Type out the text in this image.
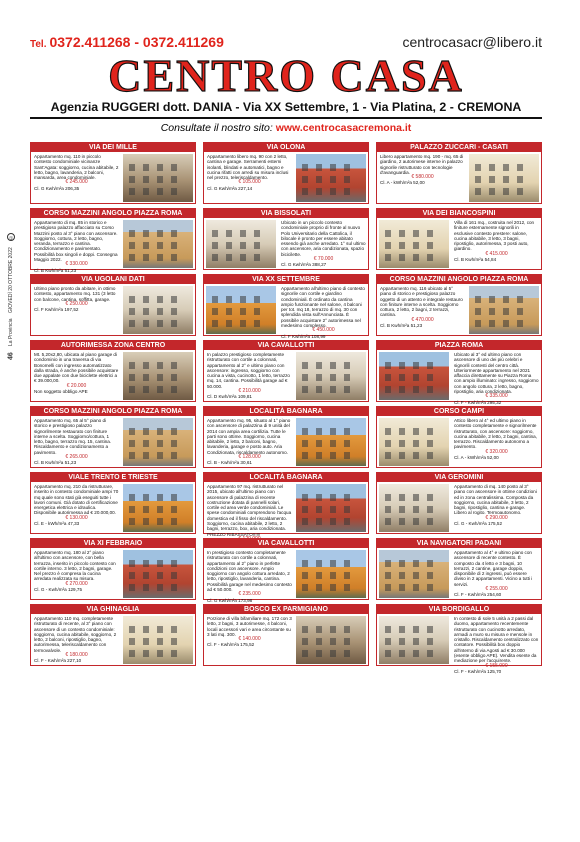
46
La Provincia
GIOVEDÌ 20 OTTOBRE 2022
©
Tel. 0372.411268 - 0372.411269	centrocasacr@libero.it
CENTRO CASA
Agenzia RUGGERI dott. DANIA - Via XX Settembre, 1 - Via Platina, 2 - CREMONA
Consultate il nostro sito: www.centrocasacremona.it
VIA DEI MILLE
Appartamento mq. 110 in piccolo contesto condominiale vicinanze Sant'Agata: soggiorno, cucina abitabile, 2 letto, bagno, lavanderia, 2 balconi, mansarda, area condominiale.
€ 245.000
Cl. G Kwh/m²a 206,35
VIA OLONA
Appartamento libero mq. 90 con 2 letto, cantina e garage. Serramenti esterni isolanti, blindati e automatici, bagno e cucina rifatti con arredi su misura inclusi nel prezzo, teleriscaldamento.
€ 105.000
Cl. G Kwh/m²a 227,14
PALAZZO ZUCCARI - CASATI
Libero appartamento mq. 190 - mq. 65 di giardino, 2 autorimese interne in palazzo signorile ristrutturato con tecnologie d'avanguardia.
€ 580.000
Cl. A - kWh/m²a 52,00
CORSO MAZZINI ANGOLO PIAZZA ROMA
Appartamento di mq. 85 in storico e prestigioso palazzo affacciato su Corso Mazzini posto al 3° piano con ascensore. Soggiorno, cottura, 2 letto, bagno, veranda, terrazzo e cantina. Condizionamento e pavimentato. Possibilità box singoli e doppi. Consegna Maggio 2022.
€ 330.000
Cl. B Kwh/m²a 51,23
VIA BISSOLATI
Ubicato in un piccolo contesto condominiale proprio di fronte al nuovo Polo Universitario della Cattolica, il bilocale è pronto per essere abitato essendo già anche arredato. 1° sul ultimo con ascensore, aria condizionata, spazio bicicilette.
€ 70.000
Cl. G Kwh/m²a 388,27
VIA DEI BIANCOSPINI
Villa di 161 mq., costruita nel 2012, con finiture esternamente signorili in esclusive contesto prestere: salone, cucina abitabile, 3 letto, 3 bagni, ripostiglio, autorimessa, 3 posti auto, giardino.
€ 415.000
Cl. B Kwh/m²a 54,84
VIA UGOLANI DATI
Ultimo piano pronto da abitare, in ottimo contesto, appartamento mq. 131 (3 letto con balcone, cantina, soffitta, garage.
€ 250.000
Cl. F Kwh/m²a 197,52
VIA XX SETTEMBRE
Appartamento all'ultimo piano di contesto signorile con cortile e giardino condominiali. È ordinato da cantina ampio funzionante nel salone, 4 balconi per tot. mq 18, terrazzo di mq. 30 con splendida vista sull'Annunciata. È possibile acquistare 2° autorimessa nel medesimo complesso.
€ 450.000
Cl. F Kwh/m²a 108,99
CORSO MAZZINI ANGOLO PIAZZA ROMA
Appartamento mq. 116 ubicato al 5° piano di storico e prestigioso palazzo oggetto di un attento e integrale restauro con finiture interne a scelta. Soggiorno cottura, 2 letto, 2 bagni, 2 terrazzi, cantina.
€ 470.000
Cl. B Kwh/m²a 51,23
AUTORIMESSA ZONA CENTRO
Mt. 5,20x2,80, ubicata al piano garage di condominio in una traversa di via Bonomelli con ingresso automatizzato dalla strada, è anche possibile acquistare due appalate con due biciclette elettrici a € 39.000,00.
€ 20.000
Non soggetto obbligo APE
VIA CAVALLOTTI
In palazzo prestigioso completamente ristrutturato con cortile a colonnati, appartamento al 2° e ultimo piano con ascensore: ingresso, soggiorno con cucina a vista, cucinotto, 1 letto, terrazzo mq. 14, cantina. Possibilità garage ad € 50.000.
€ 210.000
Cl. D Kwh/m²a 109,81
PIAZZA ROMA
Ubicato al 3° ed ultimo piano con ascensore di uno dei più celebri e signorili contesti del centro città. Ulteriormente appartamento nel 2021 affaccia direttamente su Piazza Roma con ampio illuminato: ingresso, soggiorno con angolo cottura, 2 letto, bagno, ripostiglio, aria condizionata.
€ 335.000
Cl. F - Kwh/m²a 295,32
CORSO MAZZINI ANGOLO PIAZZA ROMA
Appartamento mq. 65 al 5° piano di storico e prestigioso palazzo signorilmente restaurato con finiture interne a scelta. Soggiorno/cottura, 1 letto, bagno, terrazzo mq. 15, cantina. Riscaldamento e condizionamento a pavimento.
€ 265.000
Cl. B Kwh/m²a 51,23
LOCALITÀ BAGNARA
Appartamento mq. 95, situato al 1° piano con ascensore di palazzina di 9 unità del 2014 con ampia area cortilizia. Tutte le parti sono ottime. Soggiorno, cucina abitabile, 2 letto, 2 balconi, bagno, lavanderia, garage e posto auto. Aria Condizionata, riscaldamento autonomo.
€ 128.000
Cl. B - Kwh/m²a 30,61
CORSO CAMPI
Attico libero al 4° ed ultimo piano in contesto completamente e signorilmente ristrutturato, con ascensore: soggiorno, cucina abitabile, 2 letto, 2 bagni, cantina, terrazzo. Riscaldamento autonomo a pavimento.
€ 320.000
Cl. A - kWh/m²a 52,00
VIALE TRENTO E TRIESTE
Appartamento mq. 210 da ristrutturare, inserito in contesto condominiale ampi 70 mq quale sono stati già eseguiti tutte i lavori comuni. Già dotato di certificazione energetica elettrica e idraulica. Disponibile autorimessa ad € 20.000,00.
€ 130.000
Cl. E - kWh/m²a 47,33
LOCALITÀ BAGNARA
Appartamento 97 mq. ristrutturato nel 2015, ubicato all'ultimo piano con ascensore di palazzina di recente costruzione dotata di pannelli solari, cortile ed area verde condominiali. Le spese condominiali comprendono l'acqua domestica ed il fisso del riscaldamento. Soggiorno, cucina abitabile, 2 letto, 2 bagni, terrazzo, box, aria condizionata. PREZZO RIBASSATO!!!!!!
VIA GEROMINI
Appartamento di mq. 140 posto al 3° piano con ascensore in ottime condizioni ed in zona centralissima. Composta da soggiorno, cucina abitabile, 3 letto, 2 bagni, ripostiglio, cantina e garage. Libero al rogito. Termoautonomo.
€ 290.000
Cl. G - Kwh/m²a 175,52
VIA XI FEBBRAIO
Appartamento mq. 180 al 2° piano all'ultimo con ascensore, con bella terrazza, inserito in piccolo contesto con cortile interno. 3 letto, 2 bagni, garage. Nel prezzo è compresa la cucina arredata realizzata su misura.
€ 270.000
Cl. G - Kwh/m²a 129,75
VIA CAVALLOTTI
In prestigioso contesto completamente ristrutturato con cortile a colonnati, appartamento al 2° piano in perfette condizioni con ascensore. Ampio soggiorno con angolo cottura arredato, 2 letto, ripostiglio, lavanderia, cantina. Possibilità garage nel medesimo contesto ad € 50.000.
€ 235.000
Cl. G Kwh/m²a 173,98
VIA NAVIGATORI PADANI
Appartamento al 4° e ultimo piano con ascensore di recente contesto. È composto da 4 letto e 3 bagni, 10 terrazzi, 2 cantine, garage doppio, disponibile di 2 ingressi, può essere diviso in 2 appartamenti. Vicino a tutti i servizi.
€ 255.000
Cl. F - Kwh/m²a 254,60
VIA GHINAGLIA
Appartamento 110 mq. completamente ristrutturato di recente, al 3° piano con ascensore di un contesto condominiale: soggiorno, cucina abitabile, soggiorno, 2 letto, 2 balconi, ripostiglio, bagno, autorimessa, teleriscaldamento con termovalvole.
€ 180.000
Cl. F - Kwh/m²a 227,10
BOSCO EX PARMIGIANO
Porzione di villa bifamiliare mq. 172 con 3 letto, 2 bagni, 3 autorimesse, 4 balconi, locali accessori vari e area circostante su 3 lati mq. 300.
€ 140.000
Cl. F - Kwh/m²a 175,52
VIA BORDIGALLO
In contesto di sole 5 unità a 2 passi dal duomo, appartamento recentemente ristrutturato con cucinotto arredato, armadi a muro su misura e mensole in cristallo. Riscaldamento centralizzato con contatore. Possibilità box doppio all'interno di via Agosti ad € 30.000 (esente obbligo APE). Vendita esente da mediazione per l'acquirente.
€ 155.000
Cl. F - Kwh/m²a 125,70
